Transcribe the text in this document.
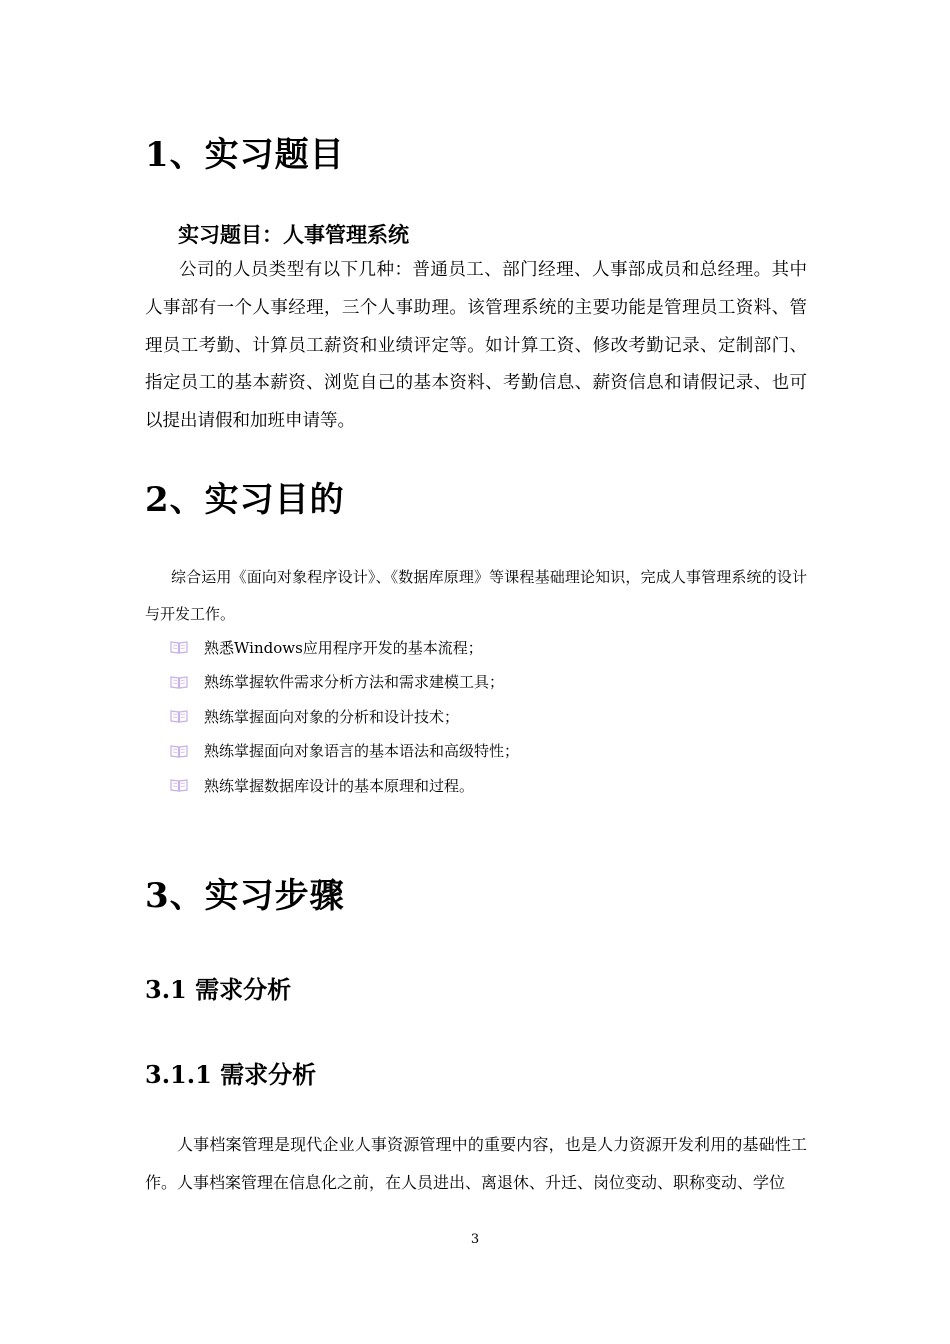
1、实习题目
实习题目：人事管理系统
公司的人员类型有以下几种：普通员工、部门经理、人事部成员和总经理。其中人事部有一个人事经理，三个人事助理。该管理系统的主要功能是管理员工资料、管理员工考勤、计算员工薪资和业绩评定等。如计算工资、修改考勤记录、定制部门、指定员工的基本薪资、浏览自己的基本资料、考勤信息、薪资信息和请假记录、也可以提出请假和加班申请等。
2、实习目的
综合运用《面向对象程序设计》、《数据库原理》等课程基础理论知识，完成人事管理系统的设计与开发工作。
熟悉Windows应用程序开发的基本流程；
熟练掌握软件需求分析方法和需求建模工具；
熟练掌握面向对象的分析和设计技术；
熟练掌握面向对象语言的基本语法和高级特性；
熟练掌握数据库设计的基本原理和过程。
3、实习步骤
3.1 需求分析
3.1.1 需求分析
人事档案管理是现代企业人事资源管理中的重要内容，也是人力资源开发利用的基础性工作。人事档案管理在信息化之前，在人员进出、离退休、升迁、岗位变动、职称变动、学位
3
